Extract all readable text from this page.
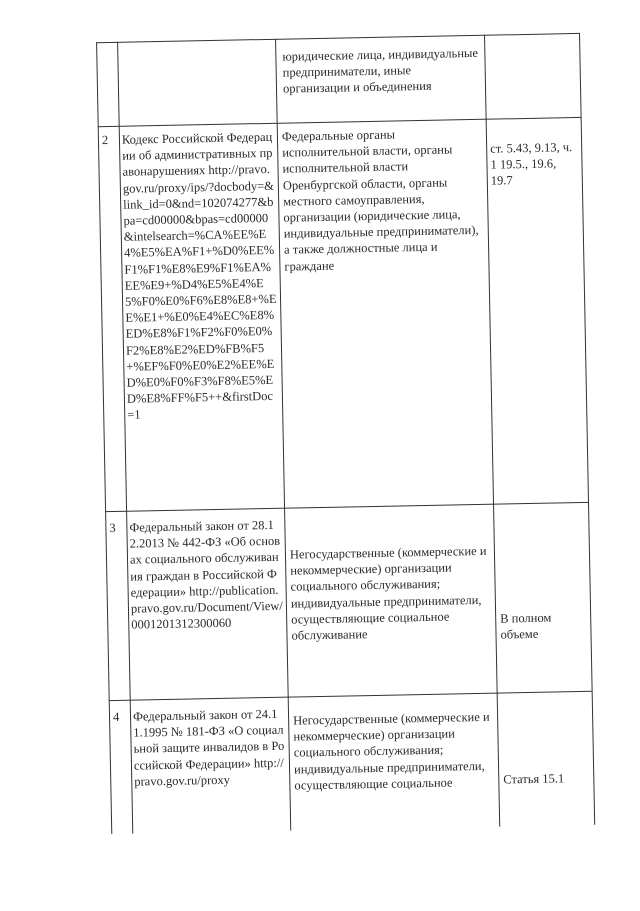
юридические лица, индивидуальные предприниматели, иные организации и объединения
2 Кодекс Российской Федерации об административных правонарушениях http://pravo.gov.ru/proxy/ips/?docbody=&link_id=0&nd=102074277&bpa=cd00000&bpas=cd00000&intelsearch=%CA%EE%E4%E5%EA%F1+%D0%EE%F1%F1%E8%E9%F1%EA%EE%E9+%D4%E5%E4%E5%F0%E0%F6%E8%E8+%EE%E1+%E0%E4%EC%E8%ED%E8%F1%F2%F0%E0%F2%E8%E2%ED%FB%F5+%EF%F0%E0%E2%EE%ED%E0%F0%F3%F8%E5%ED%E8%FF%F5++&firstDoc=1
Федеральные органы исполнительной власти, органы исполнительной власти Оренбургской области, органы местного самоуправления, организации (юридические лица, индивидуальные предприниматели), а также должностные лица и граждане
ст. 5.43, 9.13, ч. 1 19.5., 19.6, 19.7
3 Федеральный закон от 28.12.2013 № 442-ФЗ «Об основах социального обслуживания граждан в Российской Федерации» http://publication.pravo.gov.ru/Document/View/0001201312300060
Негосударственные (коммерческие и некоммерческие) организации социального обслуживания; индивидуальные предприниматели, осуществляющие социальное обслуживание
В полном объеме
4 Федеральный закон от 24.11.1995 № 181-ФЗ «О социальной защите инвалидов в Российской Федерации» http://pravo.gov.ru/proxy
Негосударственные (коммерческие и некоммерческие) организации социального обслуживания; индивидуальные предприниматели, осуществляющие социальное	Статья 15.1
